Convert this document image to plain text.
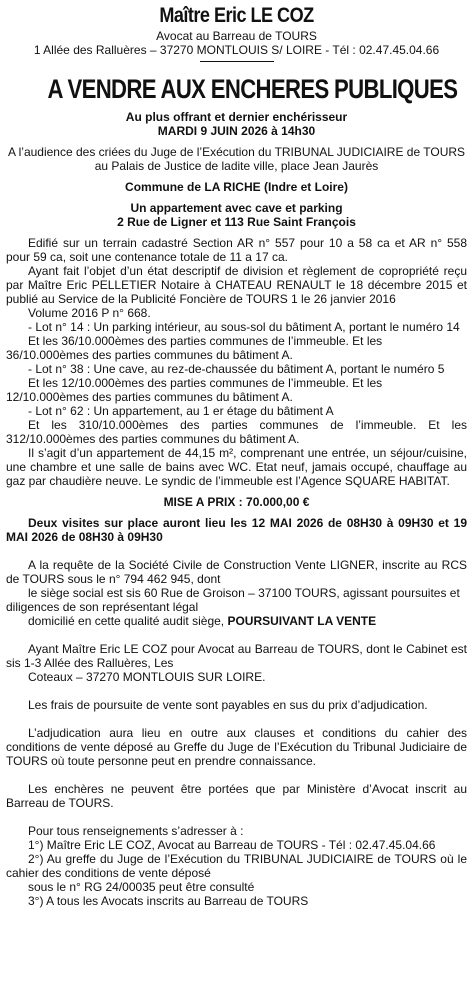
Maître Eric LE COZ
Avocat au Barreau de TOURS
1 Allée des Ralluères – 37270 MONTLOUIS S/ LOIRE - Tél : 02.47.45.04.66
A VENDRE AUX ENCHERES PUBLIQUES

Au plus offrant et dernier enchérisseur

MARDI 9 JUIN 2026 à 14h30

A l’audience des criées du Juge de l’Exécution du TRIBUNAL JUDICIAIRE de TOURS au Palais de Justice de ladite ville, place Jean Jaurès

Commune de LA RICHE (Indre et Loire)

Un appartement avec cave et parking

2 Rue de Ligner et 113 Rue Saint François

Edifié sur un terrain cadastré Section AR n° 557 pour 10 a 58 ca et AR n° 558 pour 59 ca, soit une contenance totale de 11 a 17 ca.

Ayant fait l’objet d’un état descriptif de division et règlement de copropriété reçu par Maître Eric PELLETIER Notaire à CHATEAU RENAULT le 18 décembre 2015 et publié au Service de la Publicité Foncière de TOURS 1 le 26 janvier 2016

Volume 2016 P n° 668.

- Lot n° 14 : Un parking intérieur, au sous-sol du bâtiment A, portant le numéro 14

Et les 36/10.000èmes des parties communes de l’immeuble. Et les 36/10.000èmes des parties communes du bâtiment A.

- Lot n° 38 : Une cave, au rez-de-chaussée du bâtiment A, portant le numéro 5

Et les 12/10.000èmes des parties communes de l’immeuble. Et les 12/10.000èmes des parties communes du bâtiment A.

- Lot n° 62 : Un appartement, au 1 er étage du bâtiment A

Et les 310/10.000èmes des parties communes de l’immeuble. Et les 312/10.000èmes des parties communes du bâtiment A.

Il s’agit d’un appartement de 44,15 m², comprenant une entrée, un séjour/cuisine, une chambre et une salle de bains avec WC. Etat neuf, jamais occupé, chauffage au gaz par chaudière neuve. Le syndic de l’immeuble est l’Agence SQUARE HABITAT.

MISE A PRIX : 70.000,00 €

Deux visites sur place auront lieu les 12 MAI 2026 de 08H30 à 09H30 et 19 MAI 2026 de 08H30 à 09H30

A la requête de la Société Civile de Construction Vente LIGNER, inscrite au RCS de TOURS sous le n° 794 462 945, dont

le siège social est sis 60 Rue de Groison – 37100 TOURS, agissant poursuites et diligences de son représentant légal

domicilié en cette qualité audit siège, POURSUIVANT LA VENTE

Ayant Maître Eric LE COZ pour Avocat au Barreau de TOURS, dont le Cabinet est sis 1-3 Allée des Ralluères, Les

Coteaux – 37270 MONTLOUIS SUR LOIRE.

Les frais de poursuite de vente sont payables en sus du prix d’adjudication.

L’adjudication aura lieu en outre aux clauses et conditions du cahier des conditions de vente déposé au Greffe du Juge de l’Exécution du Tribunal Judiciaire de TOURS où toute personne peut en prendre connaissance.

Les enchères ne peuvent être portées que par Ministère d’Avocat inscrit au Barreau de TOURS.

Pour tous renseignements s’adresser à :

1°) Maître Eric LE COZ, Avocat au Barreau de TOURS - Tél : 02.47.45.04.66

2°) Au greffe du Juge de l’Exécution du TRIBUNAL JUDICIAIRE de TOURS où le cahier des conditions de vente déposé

sous le n° RG 24/00035 peut être consulté

3°) A tous les Avocats inscrits au Barreau de TOURS
